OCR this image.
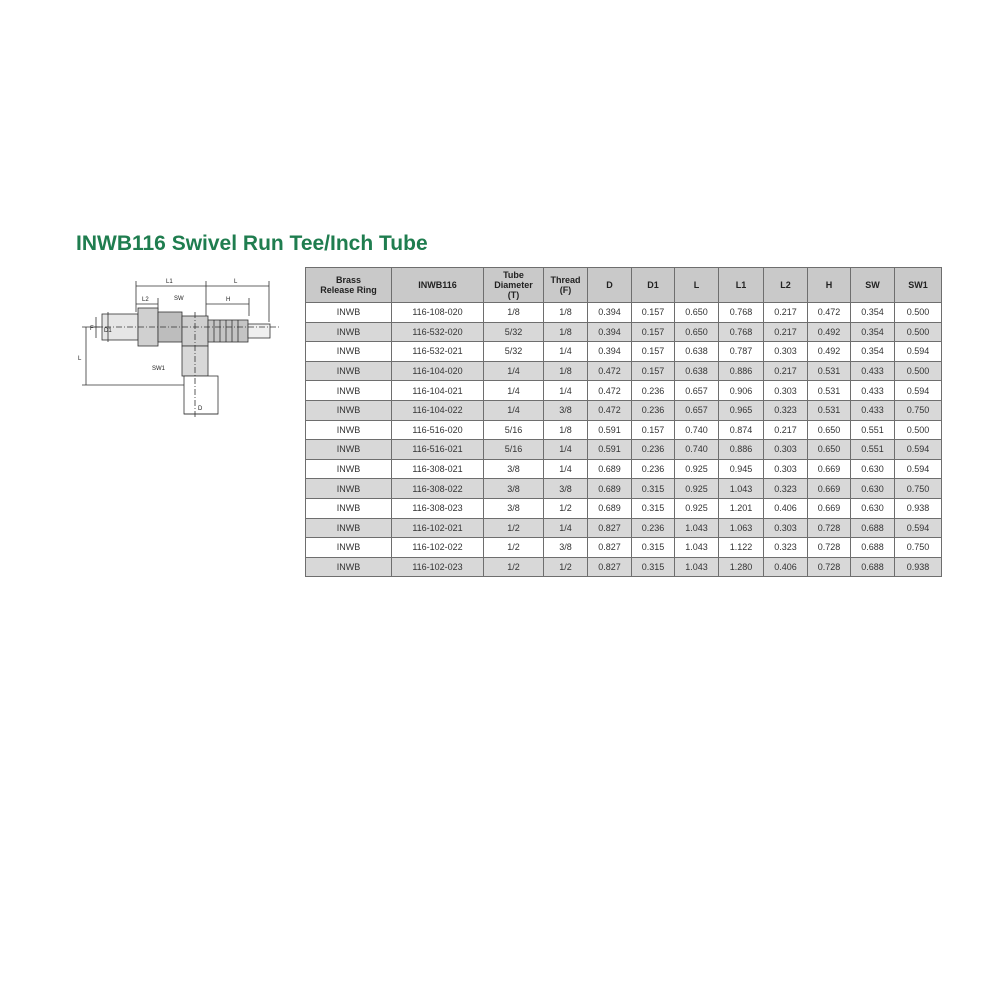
INWB116 Swivel Run Tee/Inch Tube
L1	L
L2	SW	H
D1
F
L
SW1
D
Brass
Release Ring	INWB116	Tube
Diameter
(T)	Thread
(F)	D	D1	L	L1	L2	H	SW	SW1
INWB	116-108-020	1/8	1/8	0.394	0.157	0.650	0.768	0.217	0.472	0.354	0.500
INWB	116-532-020	5/32	1/8	0.394	0.157	0.650	0.768	0.217	0.492	0.354	0.500
INWB	116-532-021	5/32	1/4	0.394	0.157	0.638	0.787	0.303	0.492	0.354	0.594
INWB	116-104-020	1/4	1/8	0.472	0.157	0.638	0.886	0.217	0.531	0.433	0.500
INWB	116-104-021	1/4	1/4	0.472	0.236	0.657	0.906	0.303	0.531	0.433	0.594
INWB	116-104-022	1/4	3/8	0.472	0.236	0.657	0.965	0.323	0.531	0.433	0.750
INWB	116-516-020	5/16	1/8	0.591	0.157	0.740	0.874	0.217	0.650	0.551	0.500
INWB	116-516-021	5/16	1/4	0.591	0.236	0.740	0.886	0.303	0.650	0.551	0.594
INWB	116-308-021	3/8	1/4	0.689	0.236	0.925	0.945	0.303	0.669	0.630	0.594
INWB	116-308-022	3/8	3/8	0.689	0.315	0.925	1.043	0.323	0.669	0.630	0.750
INWB	116-308-023	3/8	1/2	0.689	0.315	0.925	1.201	0.406	0.669	0.630	0.938
INWB	116-102-021	1/2	1/4	0.827	0.236	1.043	1.063	0.303	0.728	0.688	0.594
INWB	116-102-022	1/2	3/8	0.827	0.315	1.043	1.122	0.323	0.728	0.688	0.750
INWB	116-102-023	1/2	1/2	0.827	0.315	1.043	1.280	0.406	0.728	0.688	0.938
